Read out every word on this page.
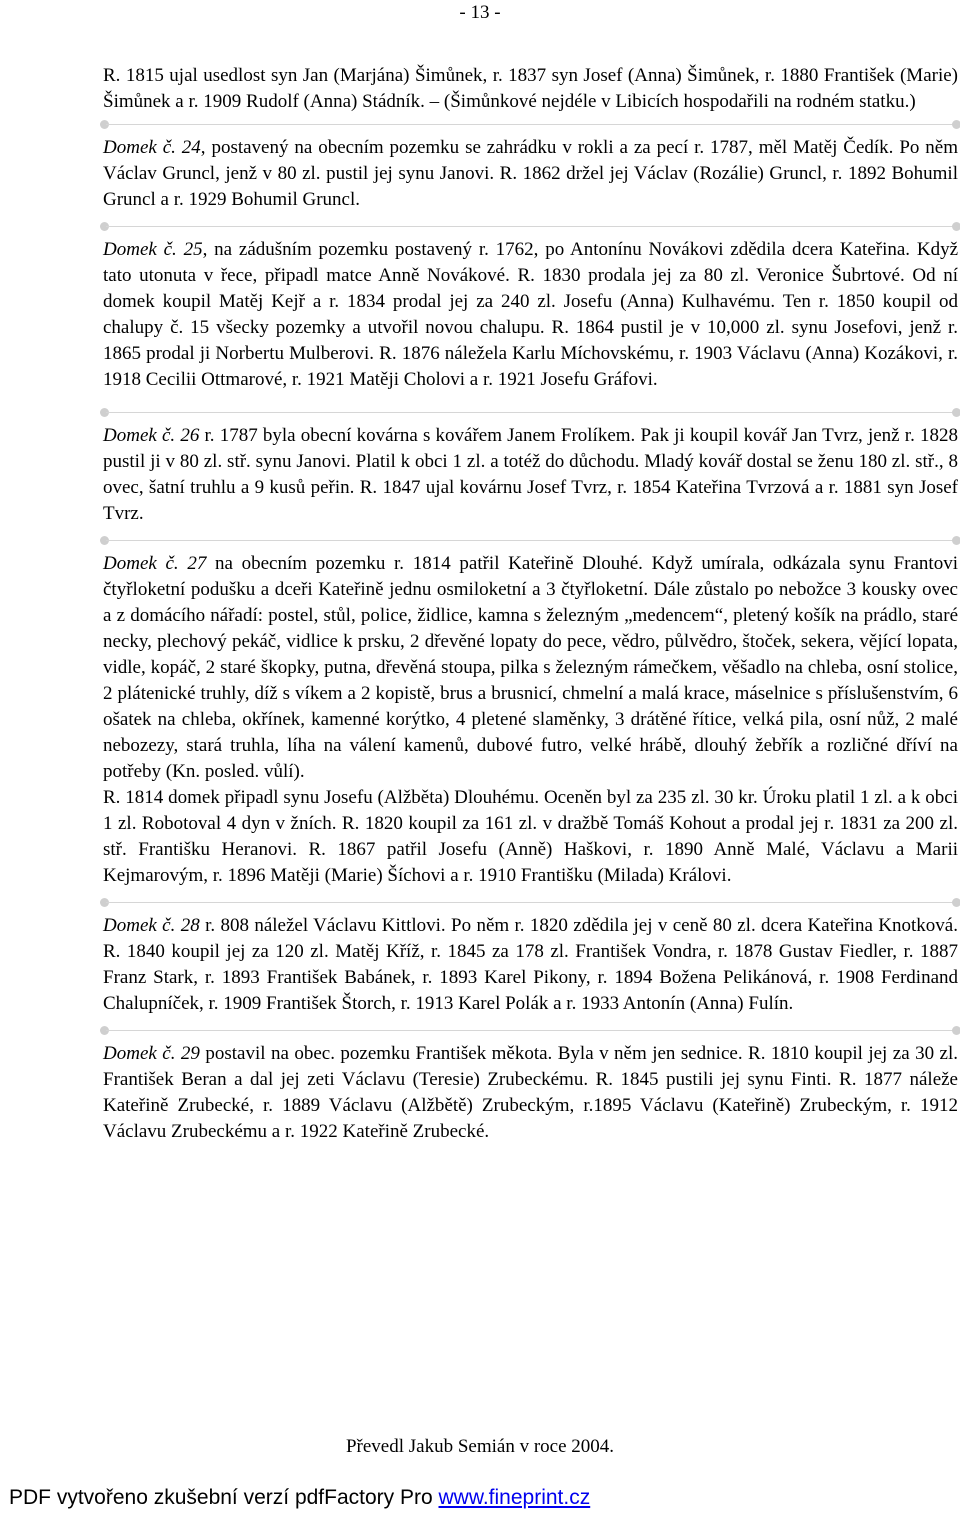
- 13 -

R. 1815 ujal usedlost syn Jan (Marjána) Šimůnek, r. 1837 syn Josef (Anna) Šimůnek, r. 1880 František (Marie) Šimůnek a r. 1909 Rudolf (Anna) Stádník. – (Šimůnkové nejdéle v Libicích hospodařili na rodném statku.)

Domek č. 24, postavený na obecním pozemku se zahrádku v rokli a za pecí r. 1787, měl Matěj Čedík. Po něm Václav Gruncl, jenž v 80 zl. pustil jej synu Janovi. R. 1862 držel jej Václav (Rozálie) Gruncl, r. 1892 Bohumil Gruncl a r. 1929 Bohumil Gruncl.

Domek č. 25, na zádušním pozemku postavený r. 1762, po Antonínu Novákovi zdědila dcera Kateřina. Když tato utonuta v řece, připadl matce Anně Novákové. R. 1830 prodala jej za 80 zl. Veronice Šubrtové. Od ní domek koupil Matěj Kejř a r. 1834 prodal jej za 240 zl. Josefu (Anna) Kulhavému. Ten r. 1850 koupil od chalupy č. 15 všecky pozemky a utvořil novou chalupu. R. 1864 pustil je v 10,000 zl. synu Josefovi, jenž r. 1865 prodal ji Norbertu Mulberovi. R. 1876 náležela Karlu Míchovskému, r. 1903 Václavu (Anna) Kozákovi, r. 1918 Cecilii Ottmarové, r. 1921 Matěji Cholovi a r. 1921 Josefu Gráfovi.

Domek č. 26 r. 1787 byla obecní kovárna s kovářem Janem Frolíkem. Pak ji koupil kovář Jan Tvrz, jenž r. 1828 pustil ji v 80 zl. stř. synu Janovi. Platil k obci 1 zl. a totéž do důchodu. Mladý kovář dostal se ženu 180 zl. stř., 8 ovec, šatní truhlu a 9 kusů peřin. R. 1847 ujal kovárnu Josef Tvrz, r. 1854 Kateřina Tvrzová a r. 1881 syn Josef Tvrz.

Domek č. 27 na obecním pozemku r. 1814 patřil Kateřině Dlouhé. Když umírala, odkázala synu Frantovi čtyřloketní podušku a dceři Kateřině jednu osmiloketní a 3 čtyřloketní. Dále zůstalo po nebožce 3 kousky ovec a z domácího nářadí: postel, stůl, police, židlice, kamna s železným „medencem“, pletený košík na prádlo, staré necky, plechový pekáč, vidlice k prsku, 2 dřevěné lopaty do pece, vědro, půlvědro, štoček, sekera, vějící lopata, vidle, kopáč, 2 staré škopky, putna, dřevěná stoupa, pilka s železným rámečkem, věšadlo na chleba, osní stolice, 2 plátenické truhly, díž s víkem a 2 kopistě, brus a brusnicí, chmelní a malá krace, máselnice s příslušenstvím, 6 ošatek na chleba, okřínek, kamenné korýtko, 4 pletené slaměnky, 3 drátěné řítice, velká pila, osní nůž, 2 malé nebozezy, stará truhla, líha na válení kamenů, dubové futro, velké hrábě, dlouhý žebřík a rozličné dříví na potřeby (Kn. posled. vůlí).

R. 1814 domek připadl synu Josefu (Alžběta) Dlouhému. Oceněn byl za 235 zl. 30 kr. Úroku platil 1 zl. a k obci 1 zl. Robotoval 4 dyn v žních. R. 1820 koupil za 161 zl. v dražbě Tomáš Kohout a prodal jej r. 1831 za 200 zl. stř. Františku Heranovi. R. 1867 patřil Josefu (Anně) Haškovi, r. 1890 Anně Malé, Václavu a Marii Kejmarovým, r. 1896 Matěji (Marie) Šíchovi a r. 1910 Františku (Milada) Královi.

Domek č. 28 r. 808 náležel Václavu Kittlovi. Po něm r. 1820 zdědila jej v ceně 80 zl. dcera Kateřina Knotková. R. 1840 koupil jej za 120 zl. Matěj Kříž, r. 1845 za 178 zl. František Vondra, r. 1878 Gustav Fiedler, r. 1887 Franz Stark, r. 1893 František Babánek, r. 1893 Karel Pikony, r. 1894 Božena Pelikánová, r. 1908 Ferdinand Chalupníček, r. 1909 František Štorch, r. 1913 Karel Polák a r. 1933 Antonín (Anna) Fulín.

Domek č. 29 postavil na obec. pozemku František měkota. Byla v něm jen sednice. R. 1810 koupil jej za 30 zl. František Beran a dal jej zeti Václavu (Teresie) Zrubeckému. R. 1845 pustili jej synu Finti. R. 1877 náleže Kateřině Zrubecké, r. 1889 Václavu (Alžbětě) Zrubeckým, r.1895 Václavu (Kateřině) Zrubeckým, r. 1912 Václavu Zrubeckému a r. 1922 Kateřině Zrubecké.

Převedl Jakub Semián v roce 2004.
PDF vytvořeno zkušební verzí pdfFactory Pro www.fineprint.cz
